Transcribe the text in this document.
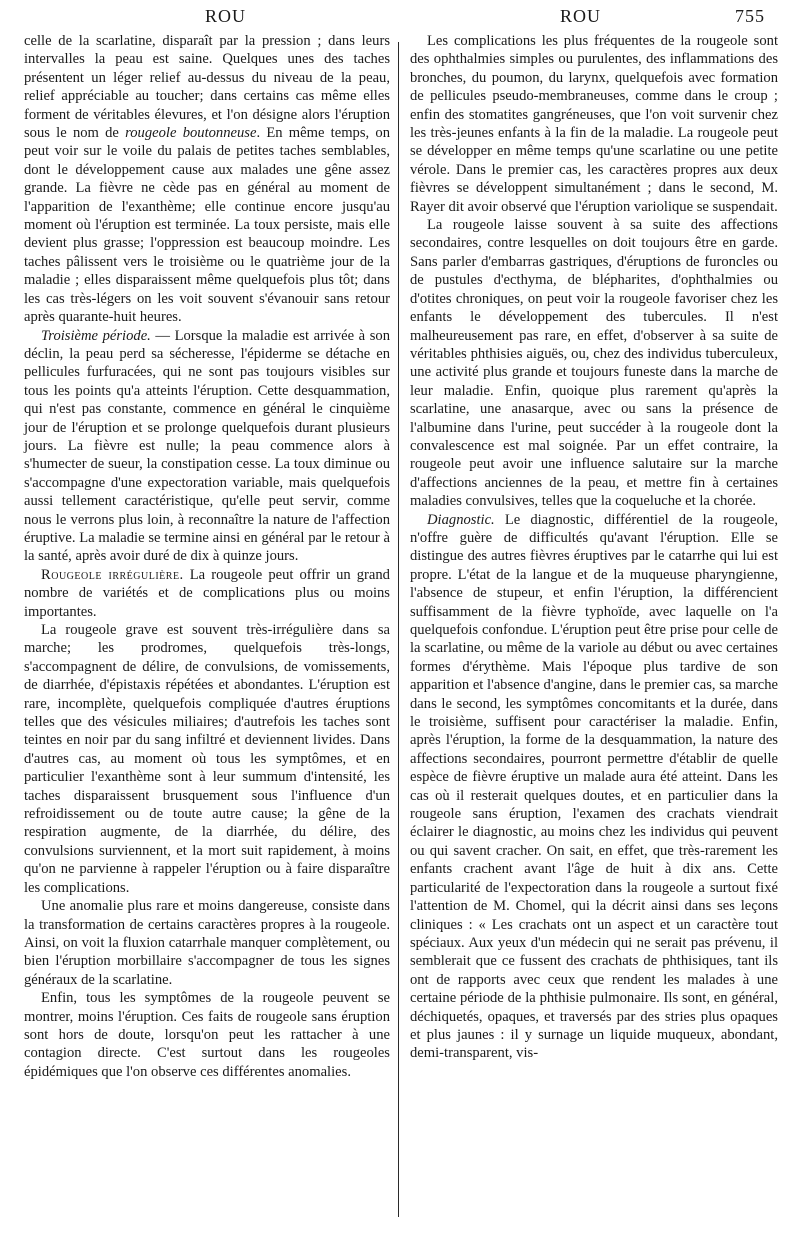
ROU	ROU	755

celle de la scarlatine, disparaît par la pression ; dans leurs intervalles la peau est saine. Quelques unes des taches présentent un léger relief au-dessus du niveau de la peau, relief appréciable au toucher; dans certains cas même elles forment de véritables élevures, et l'on désigne alors l'éruption sous le nom de rougeole boutonneuse. En même temps, on peut voir sur le voile du palais de petites taches semblables, dont le développement cause aux malades une gêne assez grande. La fièvre ne cède pas en général au moment de l'apparition de l'exanthème; elle continue encore jusqu'au moment où l'éruption est terminée. La toux persiste, mais elle devient plus grasse; l'oppression est beaucoup moindre. Les taches pâlissent vers le troisième ou le quatrième jour de la maladie ; elles disparaissent même quelquefois plus tôt; dans les cas très-légers on les voit souvent s'évanouir sans retour après quarante-huit heures.

Troisième période. — Lorsque la maladie est arrivée à son déclin, la peau perd sa sécheresse, l'épiderme se détache en pellicules furfuracées, qui ne sont pas toujours visibles sur tous les points qu'a atteints l'éruption. Cette desquammation, qui n'est pas constante, commence en général le cinquième jour de l'éruption et se prolonge quelquefois durant plusieurs jours. La fièvre est nulle; la peau commence alors à s'humecter de sueur, la constipation cesse. La toux diminue ou s'accompagne d'une expectoration variable, mais quelquefois aussi tellement caractéristique, qu'elle peut servir, comme nous le verrons plus loin, à reconnaître la nature de l'affection éruptive. La maladie se termine ainsi en général par le retour à la santé, après avoir duré de dix à quinze jours.

Rougeole irrégulière. La rougeole peut offrir un grand nombre de variétés et de complications plus ou moins importantes.

La rougeole grave est souvent très-irrégulière dans sa marche; les prodromes, quelquefois très-longs, s'accompagnent de délire, de convulsions, de vomissements, de diarrhée, d'épistaxis répétées et abondantes. L'éruption est rare, incomplète, quelquefois compliquée d'autres éruptions telles que des vésicules miliaires; d'autrefois les taches sont teintes en noir par du sang infiltré et deviennent livides. Dans d'autres cas, au moment où tous les symptômes, et en particulier l'exanthème sont à leur summum d'intensité, les taches disparaissent brusquement sous l'influence d'un refroidissement ou de toute autre cause; la gêne de la respiration augmente, de la diarrhée, du délire, des convulsions surviennent, et la mort suit rapidement, à moins qu'on ne parvienne à rappeler l'éruption ou à faire disparaître les complications.

Une anomalie plus rare et moins dangereuse, consiste dans la transformation de certains caractères propres à la rougeole. Ainsi, on voit la fluxion catarrhale manquer complètement, ou bien l'éruption morbillaire s'accompagner de tous les signes généraux de la scarlatine.

Enfin, tous les symptômes de la rougeole peuvent se montrer, moins l'éruption. Ces faits de rougeole sans éruption sont hors de doute, lorsqu'on peut les rattacher à une contagion directe. C'est surtout dans les rougeoles épidémiques que l'on observe ces différentes anomalies.

Les complications les plus fréquentes de la rougeole sont des ophthalmies simples ou purulentes, des inflammations des bronches, du poumon, du larynx, quelquefois avec formation de pellicules pseudo-membraneuses, comme dans le croup ; enfin des stomatites gangréneuses, que l'on voit survenir chez les très-jeunes enfants à la fin de la maladie. La rougeole peut se développer en même temps qu'une scarlatine ou une petite vérole. Dans le premier cas, les caractères propres aux deux fièvres se développent simultanément ; dans le second, M. Rayer dit avoir observé que l'éruption variolique se suspendait.

La rougeole laisse souvent à sa suite des affections secondaires, contre lesquelles on doit toujours être en garde. Sans parler d'embarras gastriques, d'éruptions de furoncles ou de pustules d'ecthyma, de blépharites, d'ophthalmies ou d'otites chroniques, on peut voir la rougeole favoriser chez les enfants le développement des tubercules. Il n'est malheureusement pas rare, en effet, d'observer à sa suite de véritables phthisies aiguës, ou, chez des individus tuberculeux, une activité plus grande et toujours funeste dans la marche de leur maladie. Enfin, quoique plus rarement qu'après la scarlatine, une anasarque, avec ou sans la présence de l'albumine dans l'urine, peut succéder à la rougeole dont la convalescence est mal soignée. Par un effet contraire, la rougeole peut avoir une influence salutaire sur la marche d'affections anciennes de la peau, et mettre fin à certaines maladies convulsives, telles que la coqueluche et la chorée.

Diagnostic. Le diagnostic, différentiel de la rougeole, n'offre guère de difficultés qu'avant l'éruption. Elle se distingue des autres fièvres éruptives par le catarrhe qui lui est propre. L'état de la langue et de la muqueuse pharyngienne, l'absence de stupeur, et enfin l'éruption, la différencient suffisamment de la fièvre typhoïde, avec laquelle on l'a quelquefois confondue. L'éruption peut être prise pour celle de la scarlatine, ou même de la variole au début ou avec certaines formes d'érythème. Mais l'époque plus tardive de son apparition et l'absence d'angine, dans le premier cas, sa marche dans le second, les symptômes concomitants et la durée, dans le troisième, suffisent pour caractériser la maladie. Enfin, après l'éruption, la forme de la desquammation, la nature des affections secondaires, pourront permettre d'établir de quelle espèce de fièvre éruptive un malade aura été atteint. Dans les cas où il resterait quelques doutes, et en particulier dans la rougeole sans éruption, l'examen des crachats viendrait éclairer le diagnostic, au moins chez les individus qui peuvent ou qui savent cracher. On sait, en effet, que très-rarement les enfants crachent avant l'âge de huit à dix ans. Cette particularité de l'expectoration dans la rougeole a surtout fixé l'attention de M. Chomel, qui la décrit ainsi dans ses leçons cliniques : « Les crachats ont un aspect et un caractère tout spéciaux. Aux yeux d'un médecin qui ne serait pas prévenu, il semblerait que ce fussent des crachats de phthisiques, tant ils ont de rapports avec ceux que rendent les malades à une certaine période de la phthisie pulmonaire. Ils sont, en général, déchiquetés, opaques, et traversés par des stries plus opaques et plus jaunes : il y surnage un liquide muqueux, abondant, demi-transparent, vis-
